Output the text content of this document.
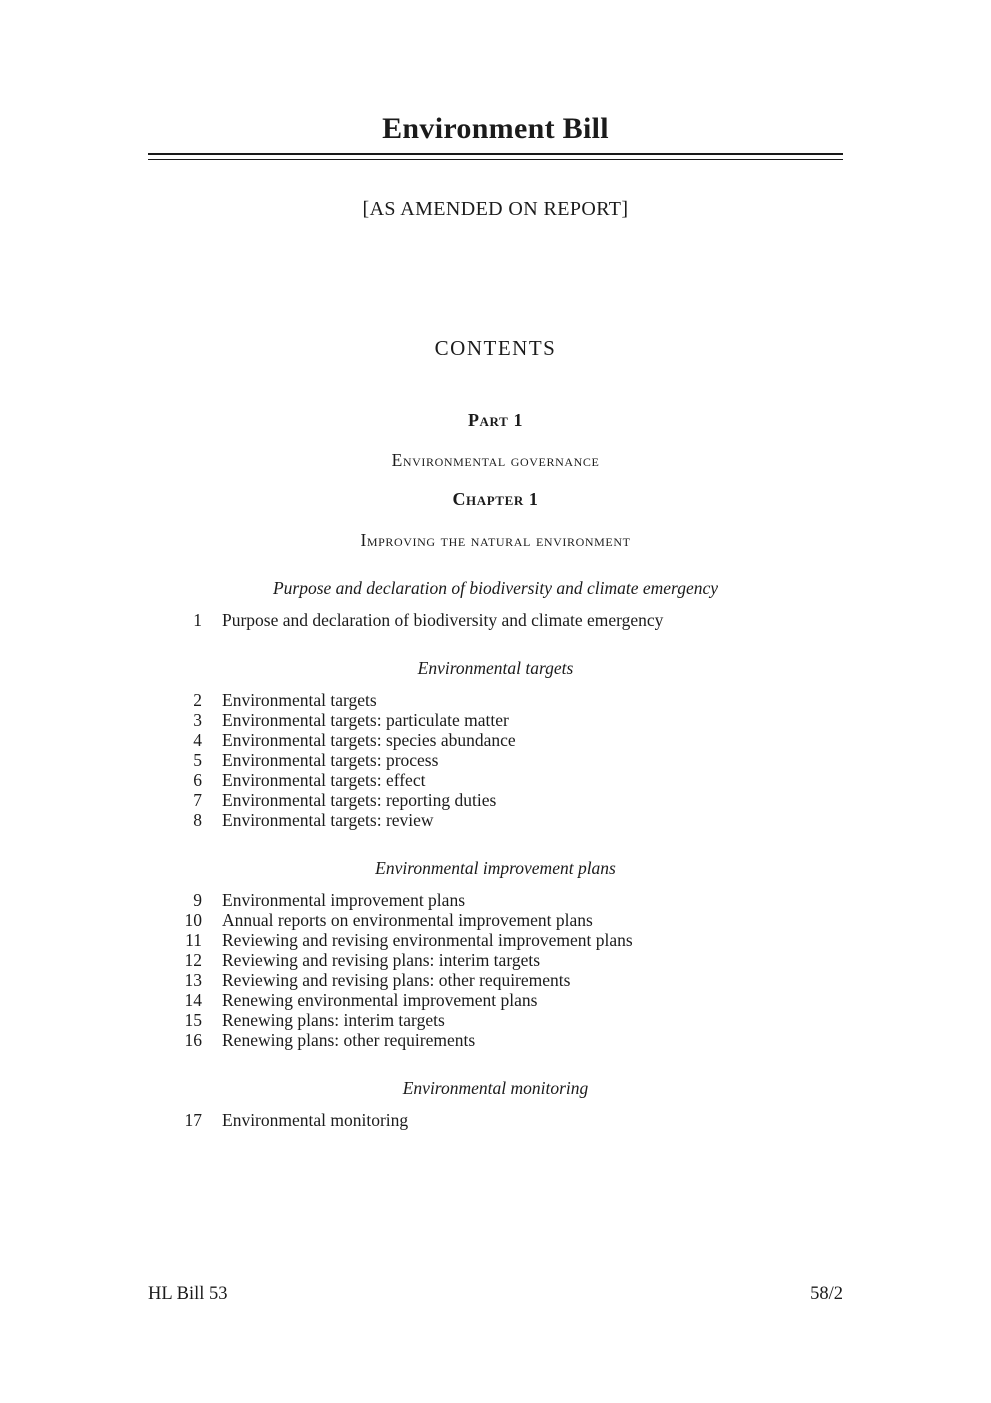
Environment Bill
[AS AMENDED ON REPORT]
CONTENTS
Part 1
Environmental governance
Chapter 1
Improving the natural environment
Purpose and declaration of biodiversity and climate emergency
1 Purpose and declaration of biodiversity and climate emergency
Environmental targets
2 Environmental targets
3 Environmental targets: particulate matter
4 Environmental targets: species abundance
5 Environmental targets: process
6 Environmental targets: effect
7 Environmental targets: reporting duties
8 Environmental targets: review
Environmental improvement plans
9 Environmental improvement plans
10 Annual reports on environmental improvement plans
11 Reviewing and revising environmental improvement plans
12 Reviewing and revising plans: interim targets
13 Reviewing and revising plans: other requirements
14 Renewing environmental improvement plans
15 Renewing plans: interim targets
16 Renewing plans: other requirements
Environmental monitoring
17 Environmental monitoring
HL Bill 53	58/2
